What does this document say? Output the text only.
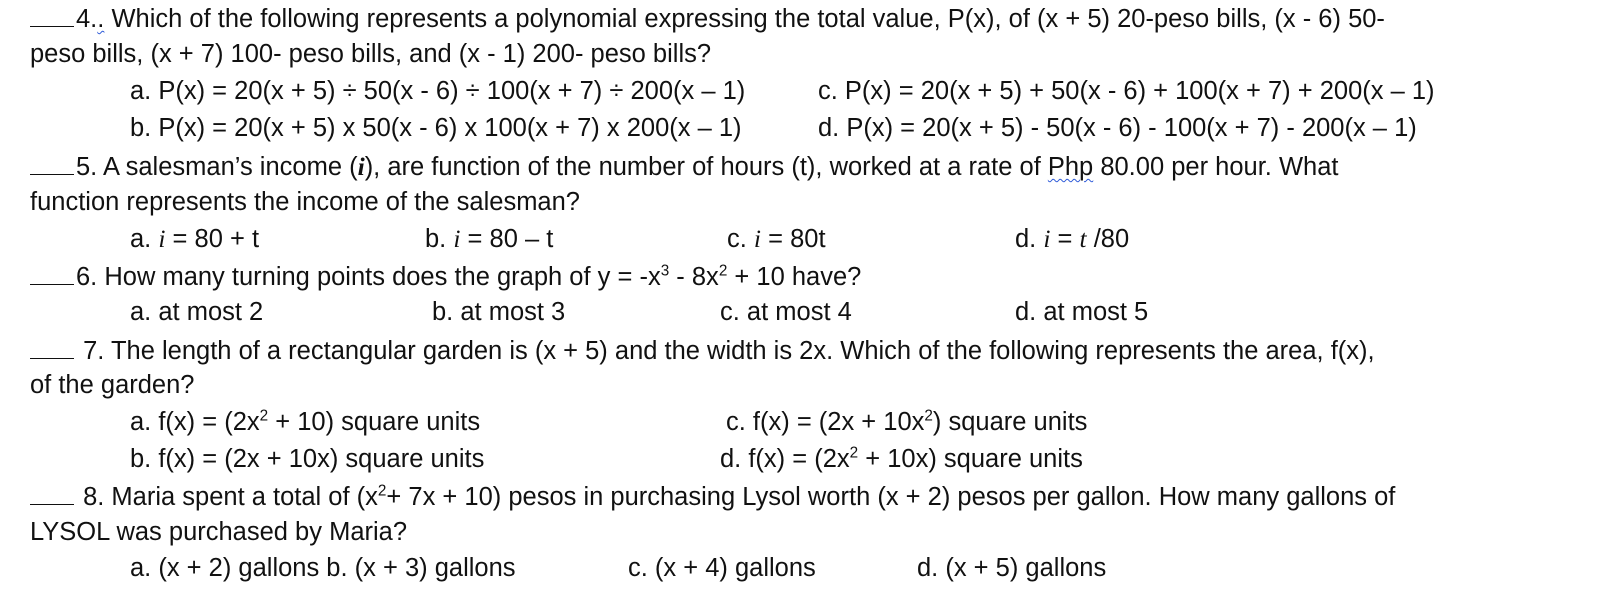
4.. Which of the following represents a polynomial expressing the total value, P(x), of (x + 5) 20-peso bills, (x - 6) 50-
peso bills, (x + 7) 100- peso bills, and (x - 1) 200- peso bills?
a. P(x) = 20(x + 5) ÷ 50(x - 6) ÷ 100(x + 7) ÷ 200(x – 1)	c. P(x) = 20(x + 5) + 50(x - 6) + 100(x + 7) + 200(x – 1)
b. P(x) = 20(x + 5) x 50(x - 6) x 100(x + 7) x 200(x – 1)	d. P(x) = 20(x + 5) - 50(x - 6) - 100(x + 7) - 200(x – 1)
5. A salesman’s income (i), are function of the number of hours (t), worked at a rate of Php 80.00 per hour. What
function represents the income of the salesman?
a. i = 80 + t	b. i = 80 – t	c. i = 80t	d. i = t /80
6. How many turning points does the graph of $y = -x^3 - 8x^2 + 10$ have?
a. at most 2	b. at most 3	c. at most 4	d. at most 5
7. The length of a rectangular garden is (x + 5) and the width is 2x. Which of the following represents the area, f(x),
of the garden?
a. $f(x) = (2x^2 + 10)$ square units	c. $f(x) = (2x + 10x^2)$ square units
b. f(x) = (2x + 10x) square units	d. $f(x) = (2x^2 + 10x)$ square units
8. Maria spent a total of $(x^2+ 7x + 10)$ pesos in purchasing Lysol worth (x + 2) pesos per gallon. How many gallons of
LYSOL was purchased by Maria?
a. (x + 2) gallons b. (x + 3) gallons	c. (x + 4) gallons	d. (x + 5) gallons
